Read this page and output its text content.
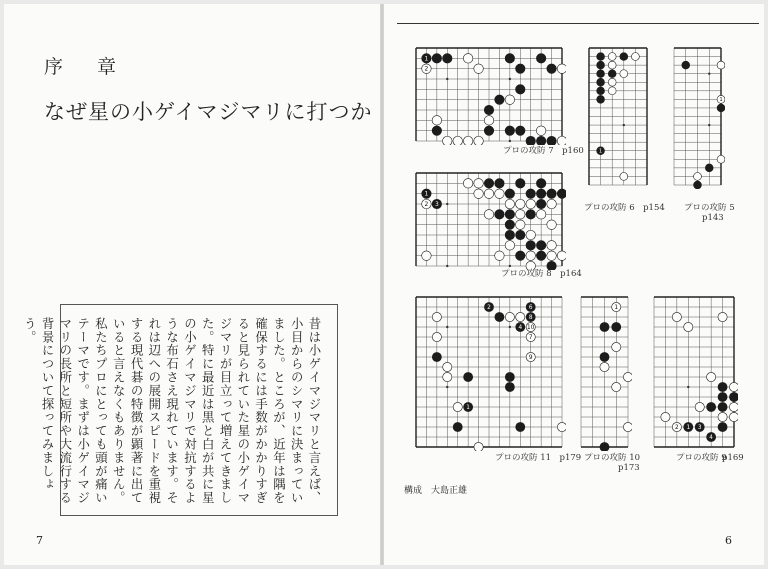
序 章
なぜ星の小ゲイマジマリに打つか
昔は小ゲイマジマリと言えば、小目からのシマリに決まっていました。ところが、近年は隅を確保するには手数がかかりすぎると見られていた星の小ゲイマジマリが目立って増えてきました。特に最近は黒と白が共に星の小ゲイマジマリで対抗するような布石さえ現れています。それは辺への展開スピードを重視する現代碁の特徴が顕著に出ていると言えなくもありません。私たちプロにとっても頭が痛いテーマです。まずは小ゲイマジマリの長所と短所や大流行する背景について探ってみましょう。
7
1
2
プロの攻防 7　p160	1
プロの攻防 6　p154
1
プロの攻防 5
p143
1
2 3
プロの攻防 8　p164
2	6
8
10
4
7
9
1
プロの攻防 11　p179
1
プロの攻防 10
p173
2 1 3
4
プロの攻防 9
p169
構成　大島正雄
6
